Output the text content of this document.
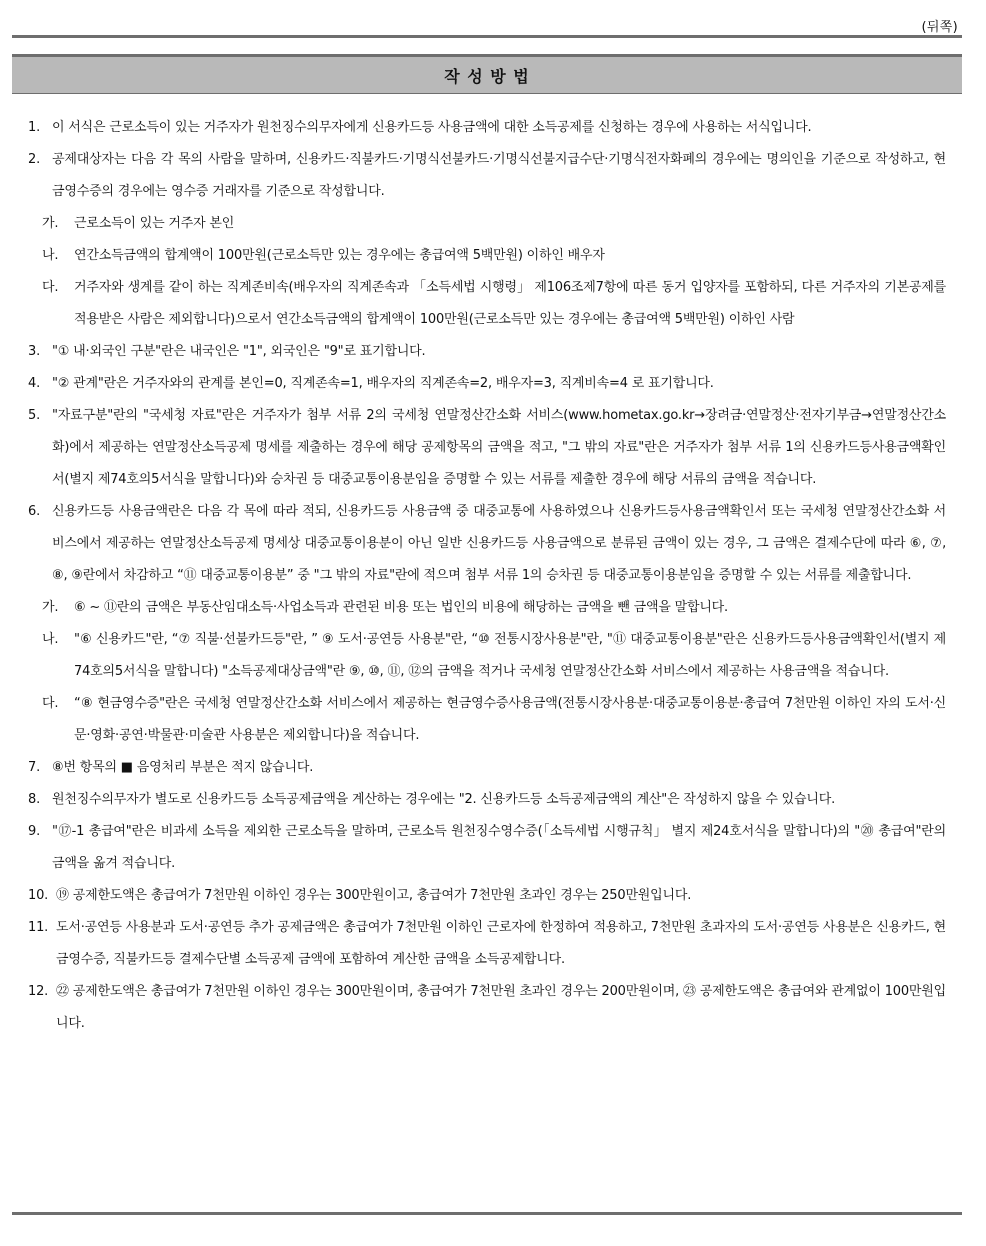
(뒤쪽)
작 성 방 법
1. 이 서식은 근로소득이 있는 거주자가 원천징수의무자에게 신용카드등 사용금액에 대한 소득공제를 신청하는 경우에 사용하는 서식입니다.
2. 공제대상자는 다음 각 목의 사람을 말하며, 신용카드·직불카드·기명식선불카드·기명식선불지급수단·기명식전자화폐의 경우에는 명의인을 기준으로 작성하고, 현금영수증의 경우에는 영수증 거래자를 기준으로 작성합니다.
가. 근로소득이 있는 거주자 본인
나. 연간소득금액의 합계액이 100만원(근로소득만 있는 경우에는 총급여액 5백만원) 이하인 배우자
다. 거주자와 생계를 같이 하는 직계존비속(배우자의 직계존속과 「소득세법 시행령」 제106조제7항에 따른 동거 입양자를 포함하되, 다른 거주자의 기본공제를 적용받은 사람은 제외합니다)으로서 연간소득금액의 합계액이 100만원(근로소득만 있는 경우에는 총급여액 5백만원) 이하인 사람
3. "① 내·외국인 구분"란은 내국인은 "1", 외국인은 "9"로 표기합니다.
4. "② 관계"란은 거주자와의 관계를 본인=0, 직계존속=1, 배우자의 직계존속=2, 배우자=3, 직계비속=4 로 표기합니다.
5. "자료구분"란의 "국세청 자료"란은 거주자가 첨부 서류 2의 국세청 연말정산간소화 서비스(www.hometax.go.kr→장려금·연말정산·전자기부금→연말정산간소화)에서 제공하는 연말정산소득공제 명세를 제출하는 경우에 해당 공제항목의 금액을 적고, "그 밖의 자료"란은 거주자가 첨부 서류 1의 신용카드등사용금액확인서(별지 제74호의5서식을 말합니다)와 승차권 등 대중교통이용분임을 증명할 수 있는 서류를 제출한 경우에 해당 서류의 금액을 적습니다.
6. 신용카드등 사용금액란은 다음 각 목에 따라 적되, 신용카드등 사용금액 중 대중교통에 사용하였으나 신용카드등사용금액확인서 또는 국세청 연말정산간소화 서비스에서 제공하는 연말정산소득공제 명세상 대중교통이용분이 아닌 일반 신용카드등 사용금액으로 분류된 금액이 있는 경우, 그 금액은 결제수단에 따라 ⑥, ⑦, ⑧, ⑨란에서 차감하고 “⑪ 대중교통이용분” 중 "그 밖의 자료"란에 적으며 첨부 서류 1의 승차권 등 대중교통이용분임을 증명할 수 있는 서류를 제출합니다.
가. ⑥ ~ ⑪란의 금액은 부동산임대소득·사업소득과 관련된 비용 또는 법인의 비용에 해당하는 금액을 뺀 금액을 말합니다.
나. "⑥ 신용카드"란, “⑦ 직불·선불카드등"란, ” ⑨ 도서·공연등 사용분"란, “⑩ 전통시장사용분"란, "⑪ 대중교통이용분"란은 신용카드등사용금액확인서(별지 제74호의5서식을 말합니다) "소득공제대상금액"란 ⑨, ⑩, ⑪, ⑫의 금액을 적거나 국세청 연말정산간소화 서비스에서 제공하는 사용금액을 적습니다.
다. “⑧ 현금영수증"란은 국세청 연말정산간소화 서비스에서 제공하는 현금영수증사용금액(전통시장사용분·대중교통이용분·총급여 7천만원 이하인 자의 도서·신문·영화·공연·박물관·미술관 사용분은 제외합니다)을 적습니다.
7. ⑧번 항목의 ■ 음영처리 부분은 적지 않습니다.
8. 원천징수의무자가 별도로 신용카드등 소득공제금액을 계산하는 경우에는 "2. 신용카드등 소득공제금액의 계산"은 작성하지 않을 수 있습니다.
9. "⑰-1 총급여"란은 비과세 소득을 제외한 근로소득을 말하며, 근로소득 원천징수영수증(「소득세법 시행규칙」 별지 제24호서식을 말합니다)의 "⑳ 총급여"란의 금액을 옮겨 적습니다.
10. ⑲ 공제한도액은 총급여가 7천만원 이하인 경우는 300만원이고, 총급여가 7천만원 초과인 경우는 250만원입니다.
11. 도서·공연등 사용분과 도서·공연등 추가 공제금액은 총급여가 7천만원 이하인 근로자에 한정하여 적용하고, 7천만원 초과자의 도서·공연등 사용분은 신용카드, 현금영수증, 직불카드등 결제수단별 소득공제 금액에 포함하여 계산한 금액을 소득공제합니다.
12. ㉒ 공제한도액은 총급여가 7천만원 이하인 경우는 300만원이며, 총급여가 7천만원 초과인 경우는 200만원이며, ㉓ 공제한도액은 총급여와 관계없이 100만원입니다.
